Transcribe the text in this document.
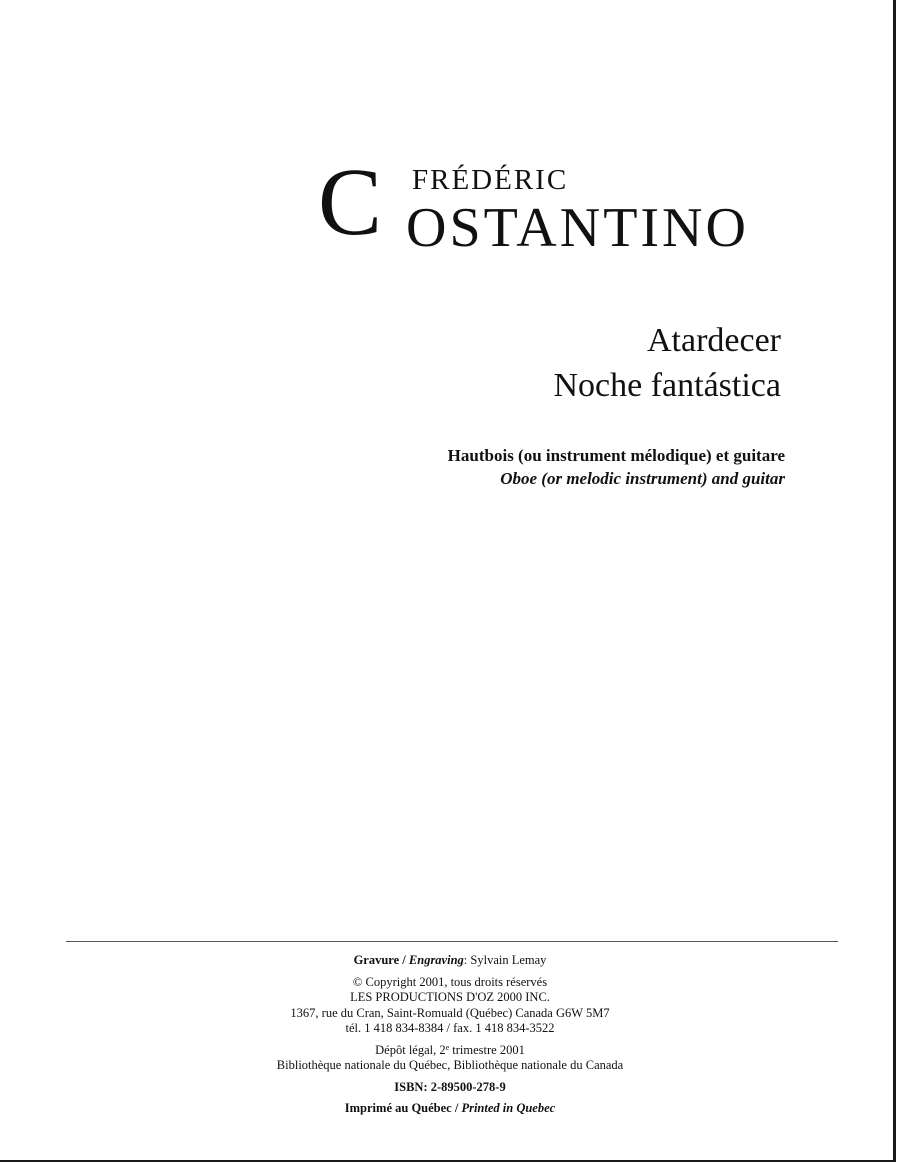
C FRÉDÉRIC
OSTANTINO
Atardecer
Noche fantástica
Hautbois (ou instrument mélodique) et guitare
Oboe (or melodic instrument) and guitar
Gravure / Engraving: Sylvain Lemay
© Copyright 2001, tous droits réservés
LES PRODUCTIONS D'OZ 2000 INC.
1367, rue du Cran, Saint-Romuald (Québec) Canada G6W 5M7
tél. 1 418 834-8384 / fax. 1 418 834-3522
Dépôt légal, 2e trimestre 2001
Bibliothèque nationale du Québec, Bibliothèque nationale du Canada
ISBN: 2-89500-278-9
Imprimé au Québec / Printed in Quebec
